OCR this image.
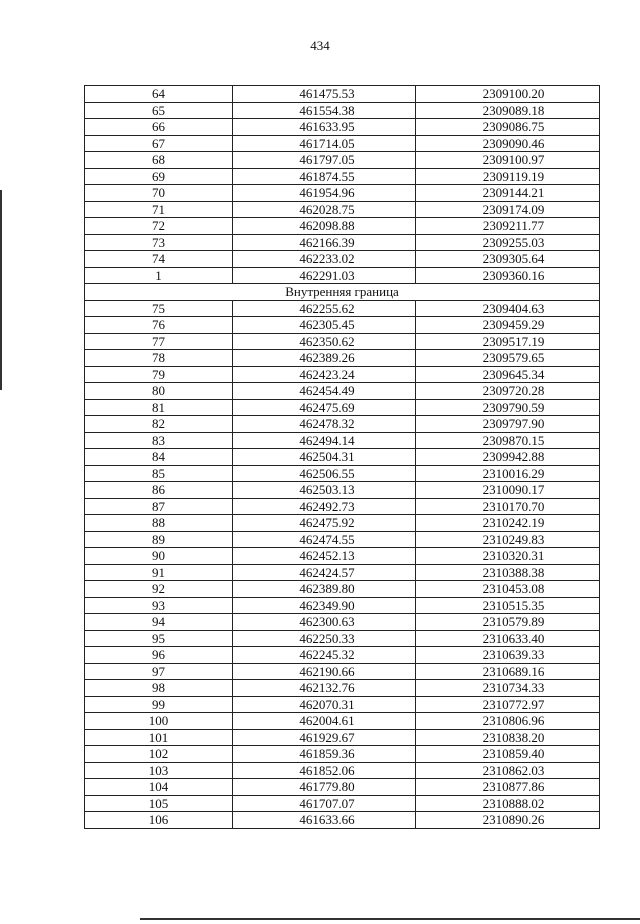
434
64	461475.53	2309100.20
65	461554.38	2309089.18
66	461633.95	2309086.75
67	461714.05	2309090.46
68	461797.05	2309100.97
69	461874.55	2309119.19
70	461954.96	2309144.21
71	462028.75	2309174.09
72	462098.88	2309211.77
73	462166.39	2309255.03
74	462233.02	2309305.64
1	462291.03	2309360.16
Внутренняя граница		
75	462255.62	2309404.63
76	462305.45	2309459.29
77	462350.62	2309517.19
78	462389.26	2309579.65
79	462423.24	2309645.34
80	462454.49	2309720.28
81	462475.69	2309790.59
82	462478.32	2309797.90
83	462494.14	2309870.15
84	462504.31	2309942.88
85	462506.55	2310016.29
86	462503.13	2310090.17
87	462492.73	2310170.70
88	462475.92	2310242.19
89	462474.55	2310249.83
90	462452.13	2310320.31
91	462424.57	2310388.38
92	462389.80	2310453.08
93	462349.90	2310515.35
94	462300.63	2310579.89
95	462250.33	2310633.40
96	462245.32	2310639.33
97	462190.66	2310689.16
98	462132.76	2310734.33
99	462070.31	2310772.97
100	462004.61	2310806.96
101	461929.67	2310838.20
102	461859.36	2310859.40
103	461852.06	2310862.03
104	461779.80	2310877.86
105	461707.07	2310888.02
106	461633.66	2310890.26
